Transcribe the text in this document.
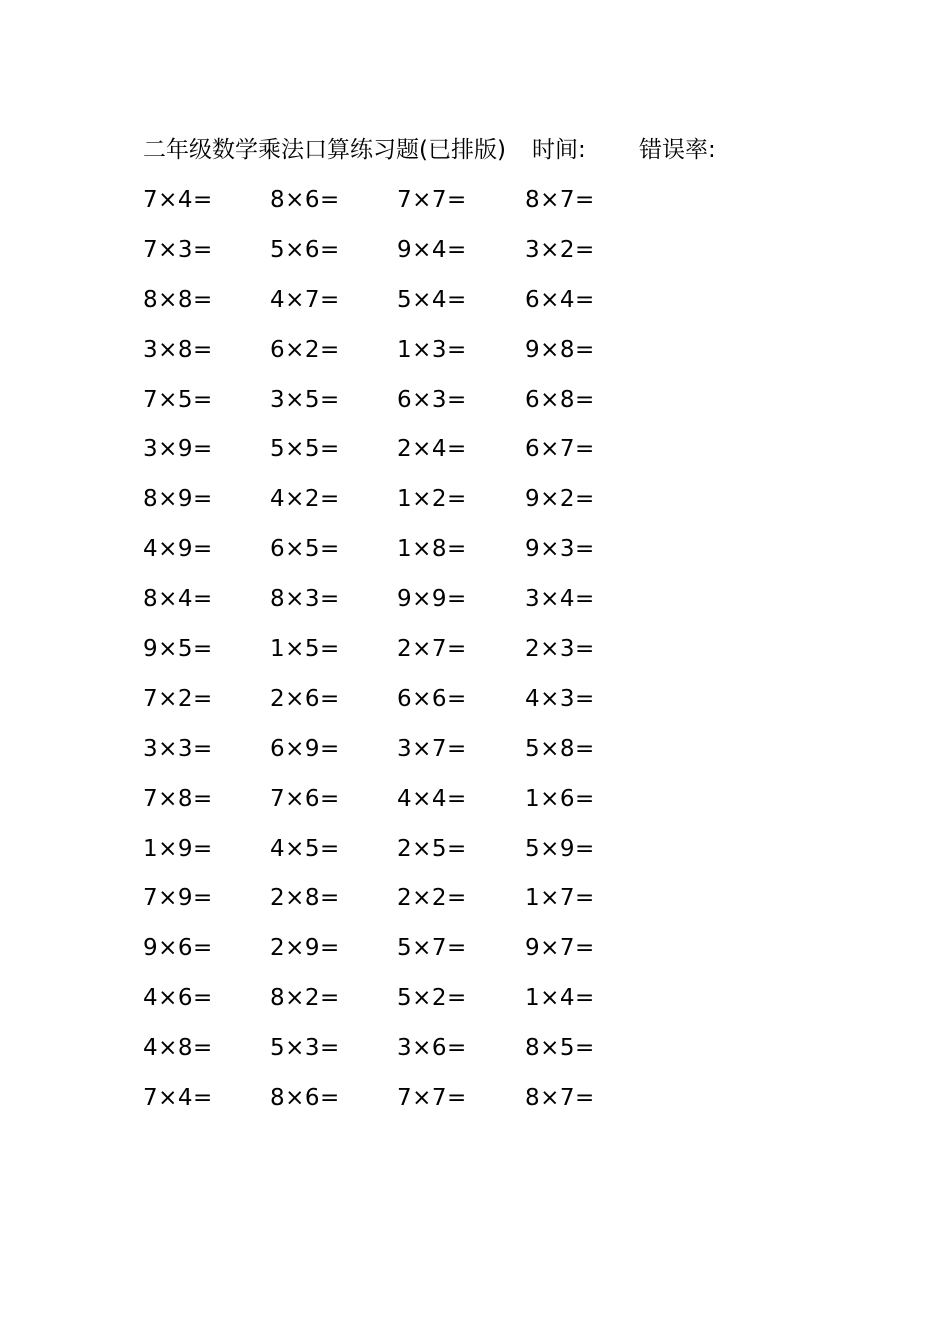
二年级数学乘法口算练习题(已排版) 时间: 错误率:
7×4= 8×6= 7×7=	8×7=
7×3= 5×6= 9×4=	3×2=
8×8= 4×7= 5×4=	6×4=
3×8= 6×2= 1×3=	9×8=
7×5= 3×5= 6×3=	6×8=
3×9= 5×5= 2×4=	6×7=
8×9= 4×2= 1×2=	9×2=
4×9= 6×5= 1×8=	9×3=
8×4= 8×3= 9×9=	3×4=
9×5= 1×5= 2×7=	2×3=
7×2= 2×6= 6×6=	4×3=
3×3= 6×9= 3×7=	5×8=
7×8= 7×6= 4×4=	1×6=
1×9= 4×5= 2×5=	5×9=
7×9= 2×8= 2×2=	1×7=
9×6= 2×9= 5×7=	9×7=
4×6= 8×2= 5×2=	1×4=
4×8= 5×3= 3×6=	8×5=
7×4= 8×6= 7×7=	8×7=
